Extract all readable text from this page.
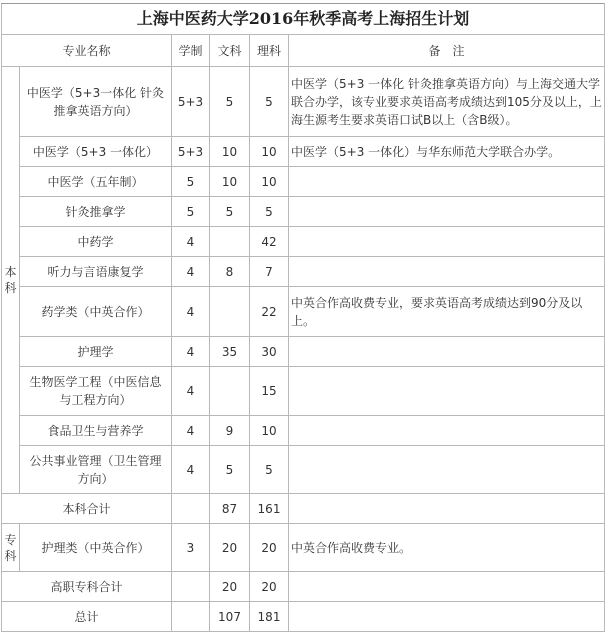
上海中医药大学2016年秋季高考上海招生计划					
专业名称		学制	文科	理科	备　注
本科	中医学（5+3一体化 针灸推拿英语方向）	5+3	5	5	中医学（5+3 一体化 针灸推拿英语方向）与上海交通大学联合办学，该专业要求英语高考成绩达到105分及以上，上海生源考生要求英语口试B以上（含B级）。
	中医学（5+3 一体化）	5+3	10	10	中医学（5+3 一体化）与华东师范大学联合办学。
	中医学（五年制）	5	10	10	
	针灸推拿学	5	5	5	
	中药学	4		42	
	听力与言语康复学	4	8	7	
	药学类（中英合作）	4		22	中英合作高收费专业，要求英语高考成绩达到90分及以上。
	护理学	4	35	30	
	生物医学工程（中医信息与工程方向）	4		15	
	食品卫生与营养学	4	9	10	
	公共事业管理（卫生管理方向）	4	5	5	
本科合计			87	161	
专科	护理类（中英合作）	3	20	20	中英合作高收费专业。
高职专科合计			20	20	
总计			107	181	
